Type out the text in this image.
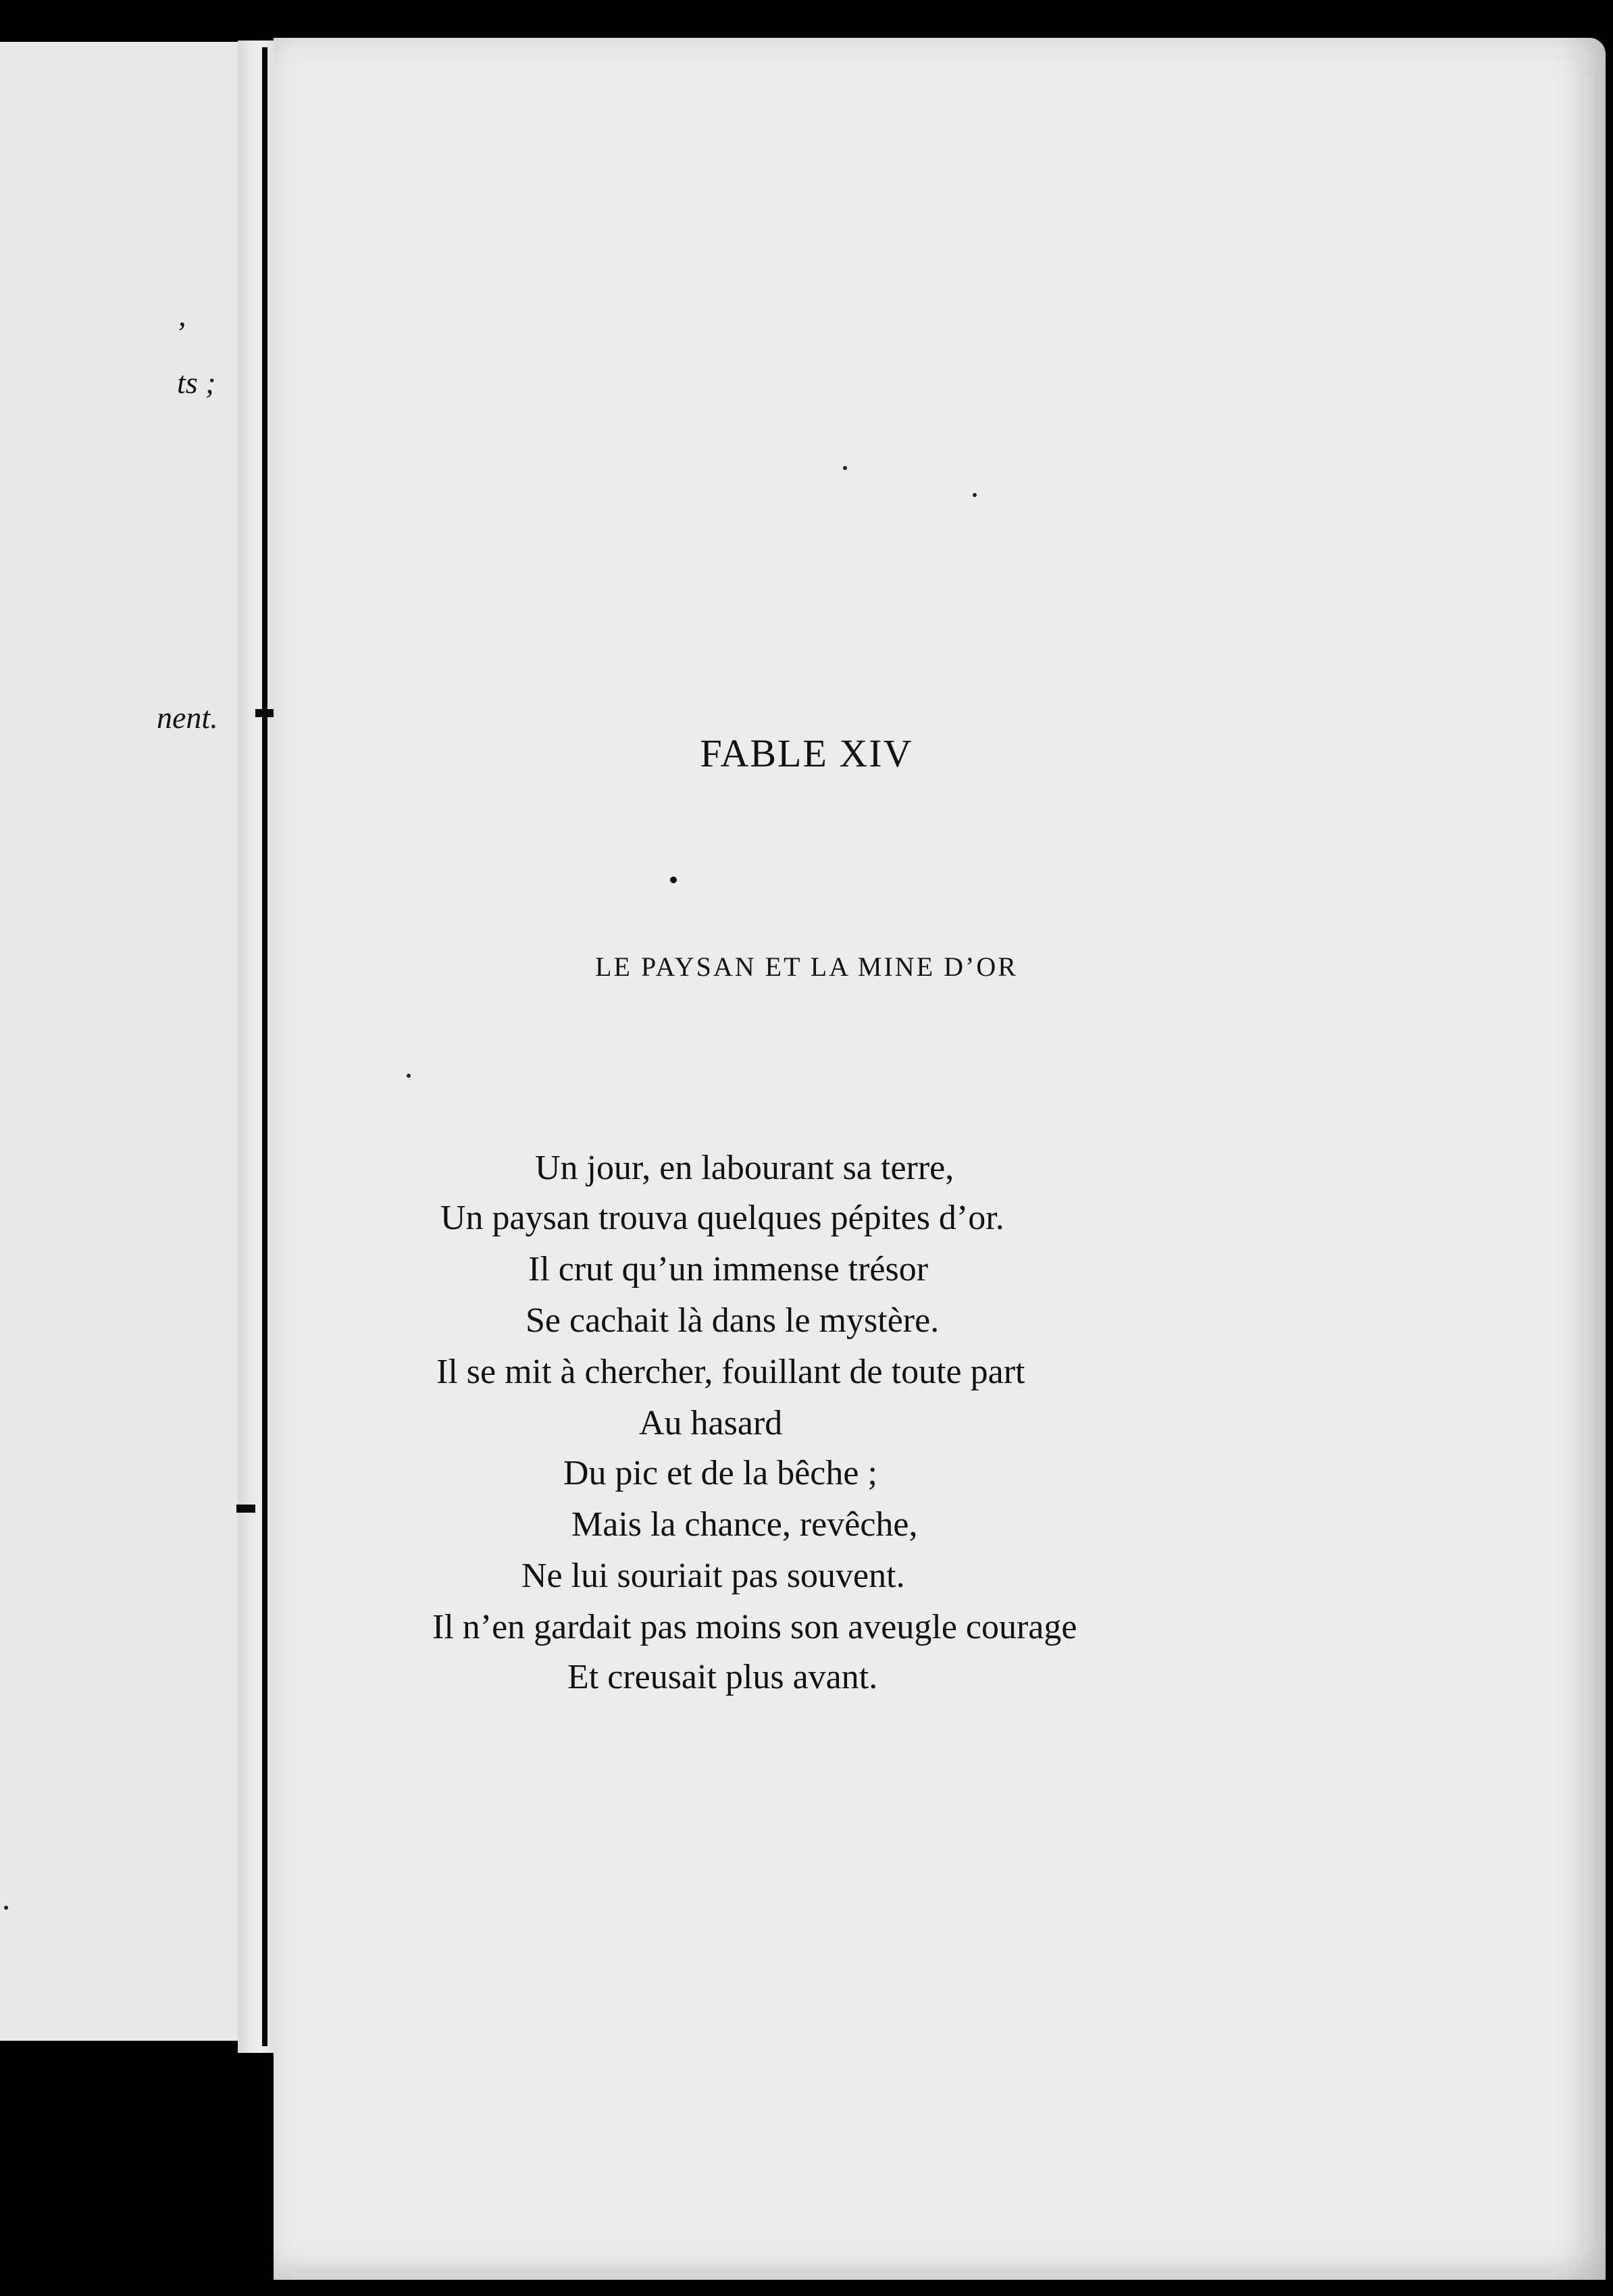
,
ts ;
nent.
FABLE XIV
LE PAYSAN ET LA MINE D’OR
Un jour, en labourant sa terre,
Un paysan trouva quelques pépites d’or.
Il crut qu’un immense trésor
Se cachait là dans le mystère.
Il se mit à chercher, fouillant de toute part
Au hasard
Du pic et de la bêche ;
Mais la chance, revêche,
Ne lui souriait pas souvent.
Il n’en gardait pas moins son aveugle courage
Et creusait plus avant.
